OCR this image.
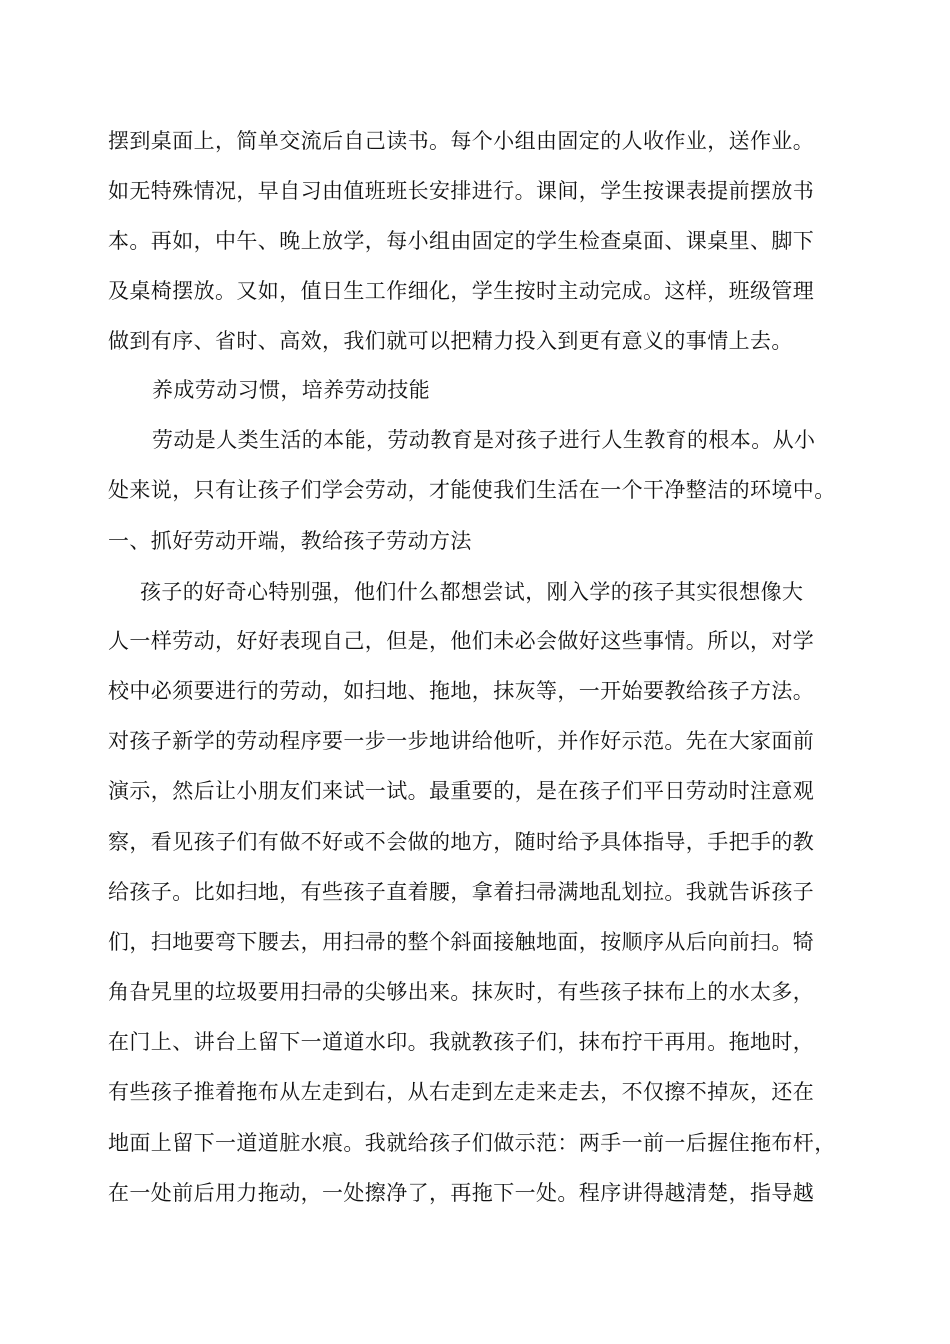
摆到桌面上，简单交流后自己读书。每个小组由固定的人收作业，送作业。
如无特殊情况，早自习由值班班长安排进行。课间，学生按课表提前摆放书
本。再如，中午、晚上放学，每小组由固定的学生检查桌面、课桌里、脚下
及桌椅摆放。又如，值日生工作细化，学生按时主动完成。这样，班级管理
做到有序、省时、高效，我们就可以把精力投入到更有意义的事情上去。
养成劳动习惯，培养劳动技能
劳动是人类生活的本能，劳动教育是对孩子进行人生教育的根本。从小
处来说，只有让孩子们学会劳动，才能使我们生活在一个干净整洁的环境中。
一、抓好劳动开端，教给孩子劳动方法
孩子的好奇心特别强，他们什么都想尝试，刚入学的孩子其实很想像大
人一样劳动，好好表现自己，但是，他们未必会做好这些事情。所以，对学
校中必须要进行的劳动，如扫地、拖地，抹灰等，一开始要教给孩子方法。
对孩子新学的劳动程序要一步一步地讲给他听，并作好示范。先在大家面前
演示，然后让小朋友们来试一试。最重要的，是在孩子们平日劳动时注意观
察，看见孩子们有做不好或不会做的地方，随时给予具体指导，手把手的教
给孩子。比如扫地，有些孩子直着腰，拿着扫帚满地乱划拉。我就告诉孩子
们，扫地要弯下腰去，用扫帚的整个斜面接触地面，按顺序从后向前扫。犄
角旮旯里的垃圾要用扫帚的尖够出来。抹灰时，有些孩子抹布上的水太多，
在门上、讲台上留下一道道水印。我就教孩子们，抹布拧干再用。拖地时，
有些孩子推着拖布从左走到右，从右走到左走来走去，不仅擦不掉灰，还在
地面上留下一道道脏水痕。我就给孩子们做示范：两手一前一后握住拖布杆，
在一处前后用力拖动，一处擦净了，再拖下一处。程序讲得越清楚，指导越
